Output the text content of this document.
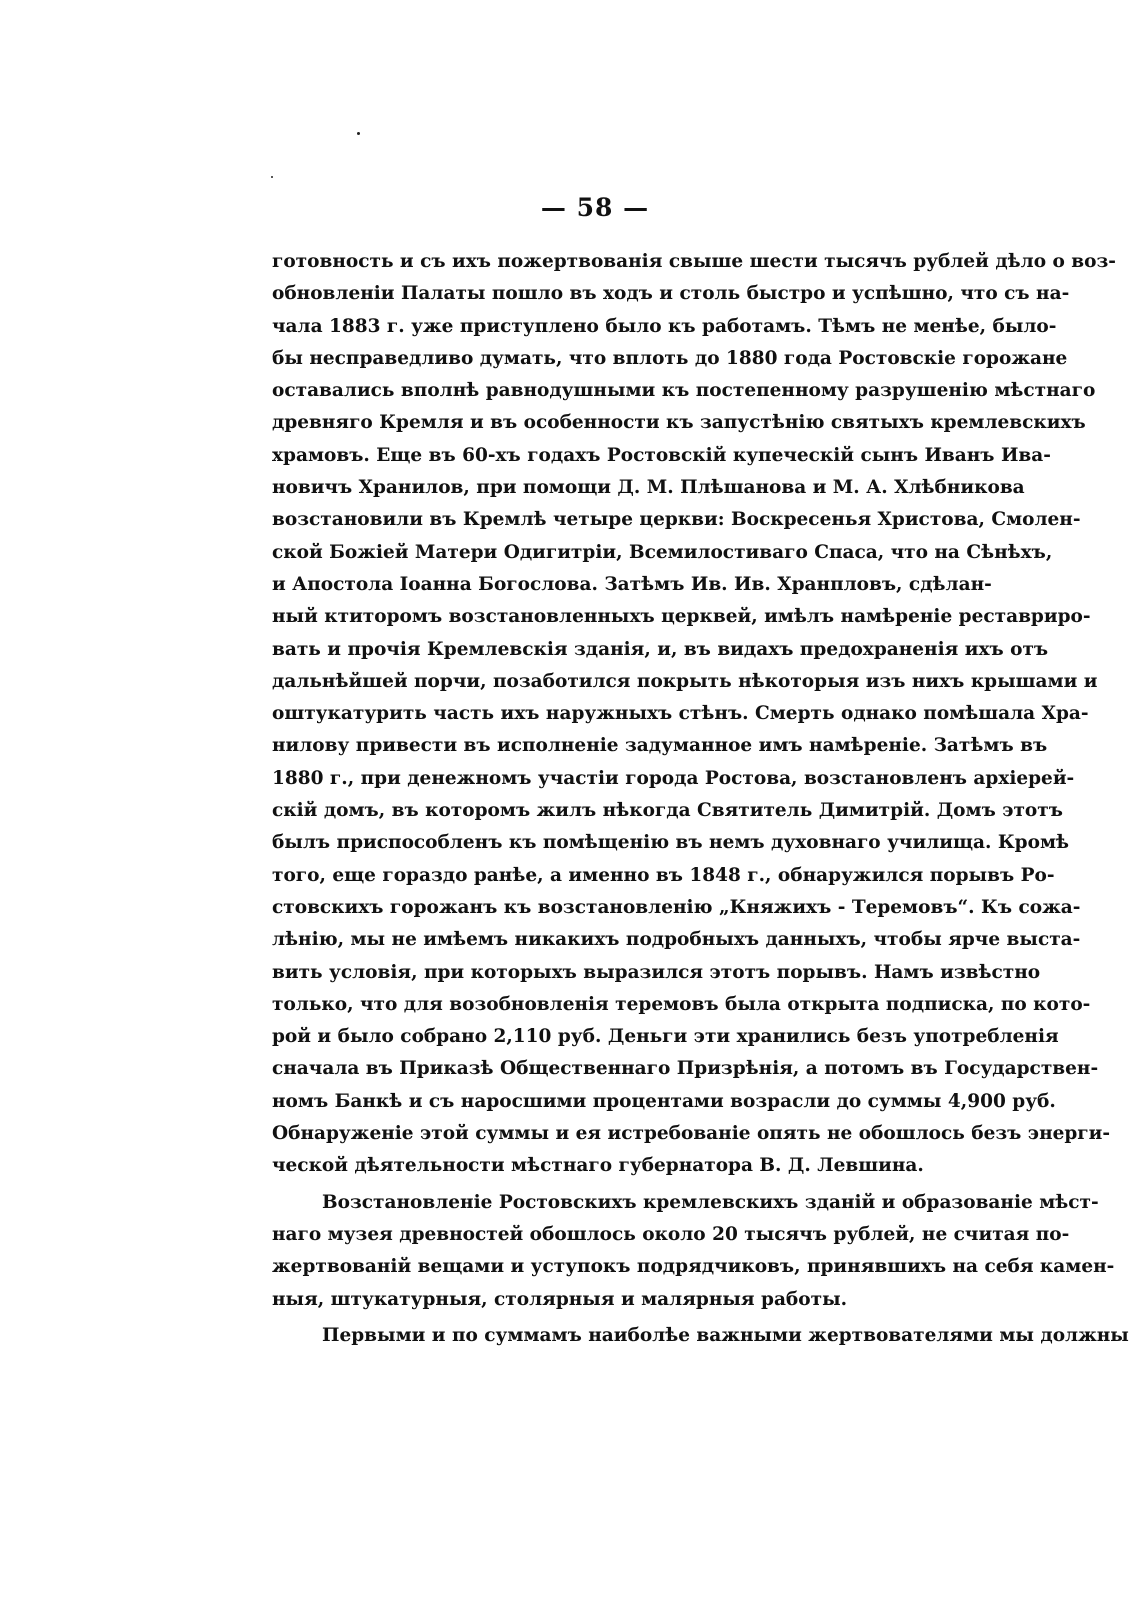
— 58 —
готовность и съ ихъ пожертвованія свыше шести тысячъ рублей дѣло о воз-
обновленіи Палаты пошло въ ходъ и столь быстро и успѣшно, что съ на-
чала 1883 г. уже приступлено было къ работамъ. Тѣмъ не менѣе, было-
бы несправедливо думать, что вплоть до 1880 года Ростовскіе горожане
оставались вполнѣ равнодушными къ постепенному разрушенію мѣстнаго
древняго Кремля и въ особенности къ запустѣнію святыхъ кремлевскихъ
храмовъ. Еще въ 60-хъ годахъ Ростовскій купеческій сынъ Иванъ Ива-
новичъ Хранилов, при помощи Д. М. Плѣшанова и М. А. Хлѣбникова
возстановили въ Кремлѣ четыре церкви: Воскресенья Христова, Смолен-
ской Божіей Матери Одигитріи, Всемилостиваго Спаса, что на Сѣнѣхъ,
и Апостола Іоанна Богослова. Затѣмъ Ив. Ив. Хранпловъ, сдѣлан-
ный ктиторомъ возстановленныхъ церквей, имѣлъ намѣреніе реставриро-
вать и прочія Кремлевскія зданія, и, въ видахъ предохраненія ихъ отъ
дальнѣйшей порчи, позаботился покрыть нѣкоторыя изъ нихъ крышами и
оштукатурить часть ихъ наружныхъ стѣнъ. Смерть однако помѣшала Хра-
нилову привести въ исполненіе задуманное имъ намѣреніе. Затѣмъ въ
1880 г., при денежномъ участіи города Ростова, возстановленъ архіерей-
скій домъ, въ которомъ жилъ нѣкогда Святитель Димитрій. Домъ этотъ
былъ приспособленъ къ помѣщенію въ немъ духовнаго училища. Кромѣ
того, еще гораздо ранѣе, а именно въ 1848 г., обнаружился порывъ Ро-
стовскихъ горожанъ къ возстановленію „Княжихъ - Теремовъ“. Къ сожа-
лѣнію, мы не имѣемъ никакихъ подробныхъ данныхъ, чтобы ярче выста-
вить условія, при которыхъ выразился этотъ порывъ. Намъ извѣстно
только, что для возобновленія теремовъ была открыта подписка, по кото-
рой и было собрано 2,110 руб. Деньги эти хранились безъ употребленія
сначала въ Приказѣ Общественнаго Призрѣнія, а потомъ въ Государствен-
номъ Банкѣ и съ наросшими процентами возрасли до суммы 4,900 руб.
Обнаруженіе этой суммы и ея истребованіе опять не обошлось безъ энерги-
ческой дѣятельности мѣстнаго губернатора В. Д. Левшина.
Возстановленіе Ростовскихъ кремлевскихъ зданій и образованіе мѣст-
наго музея древностей обошлось около 20 тысячъ рублей, не считая по-
жертвованій вещами и уступокъ подрядчиковъ, принявшихъ на себя камен-
ныя, штукатурныя, столярныя и малярныя работы.
Первыми и по суммамъ наиболѣе важными жертвователями мы должны
